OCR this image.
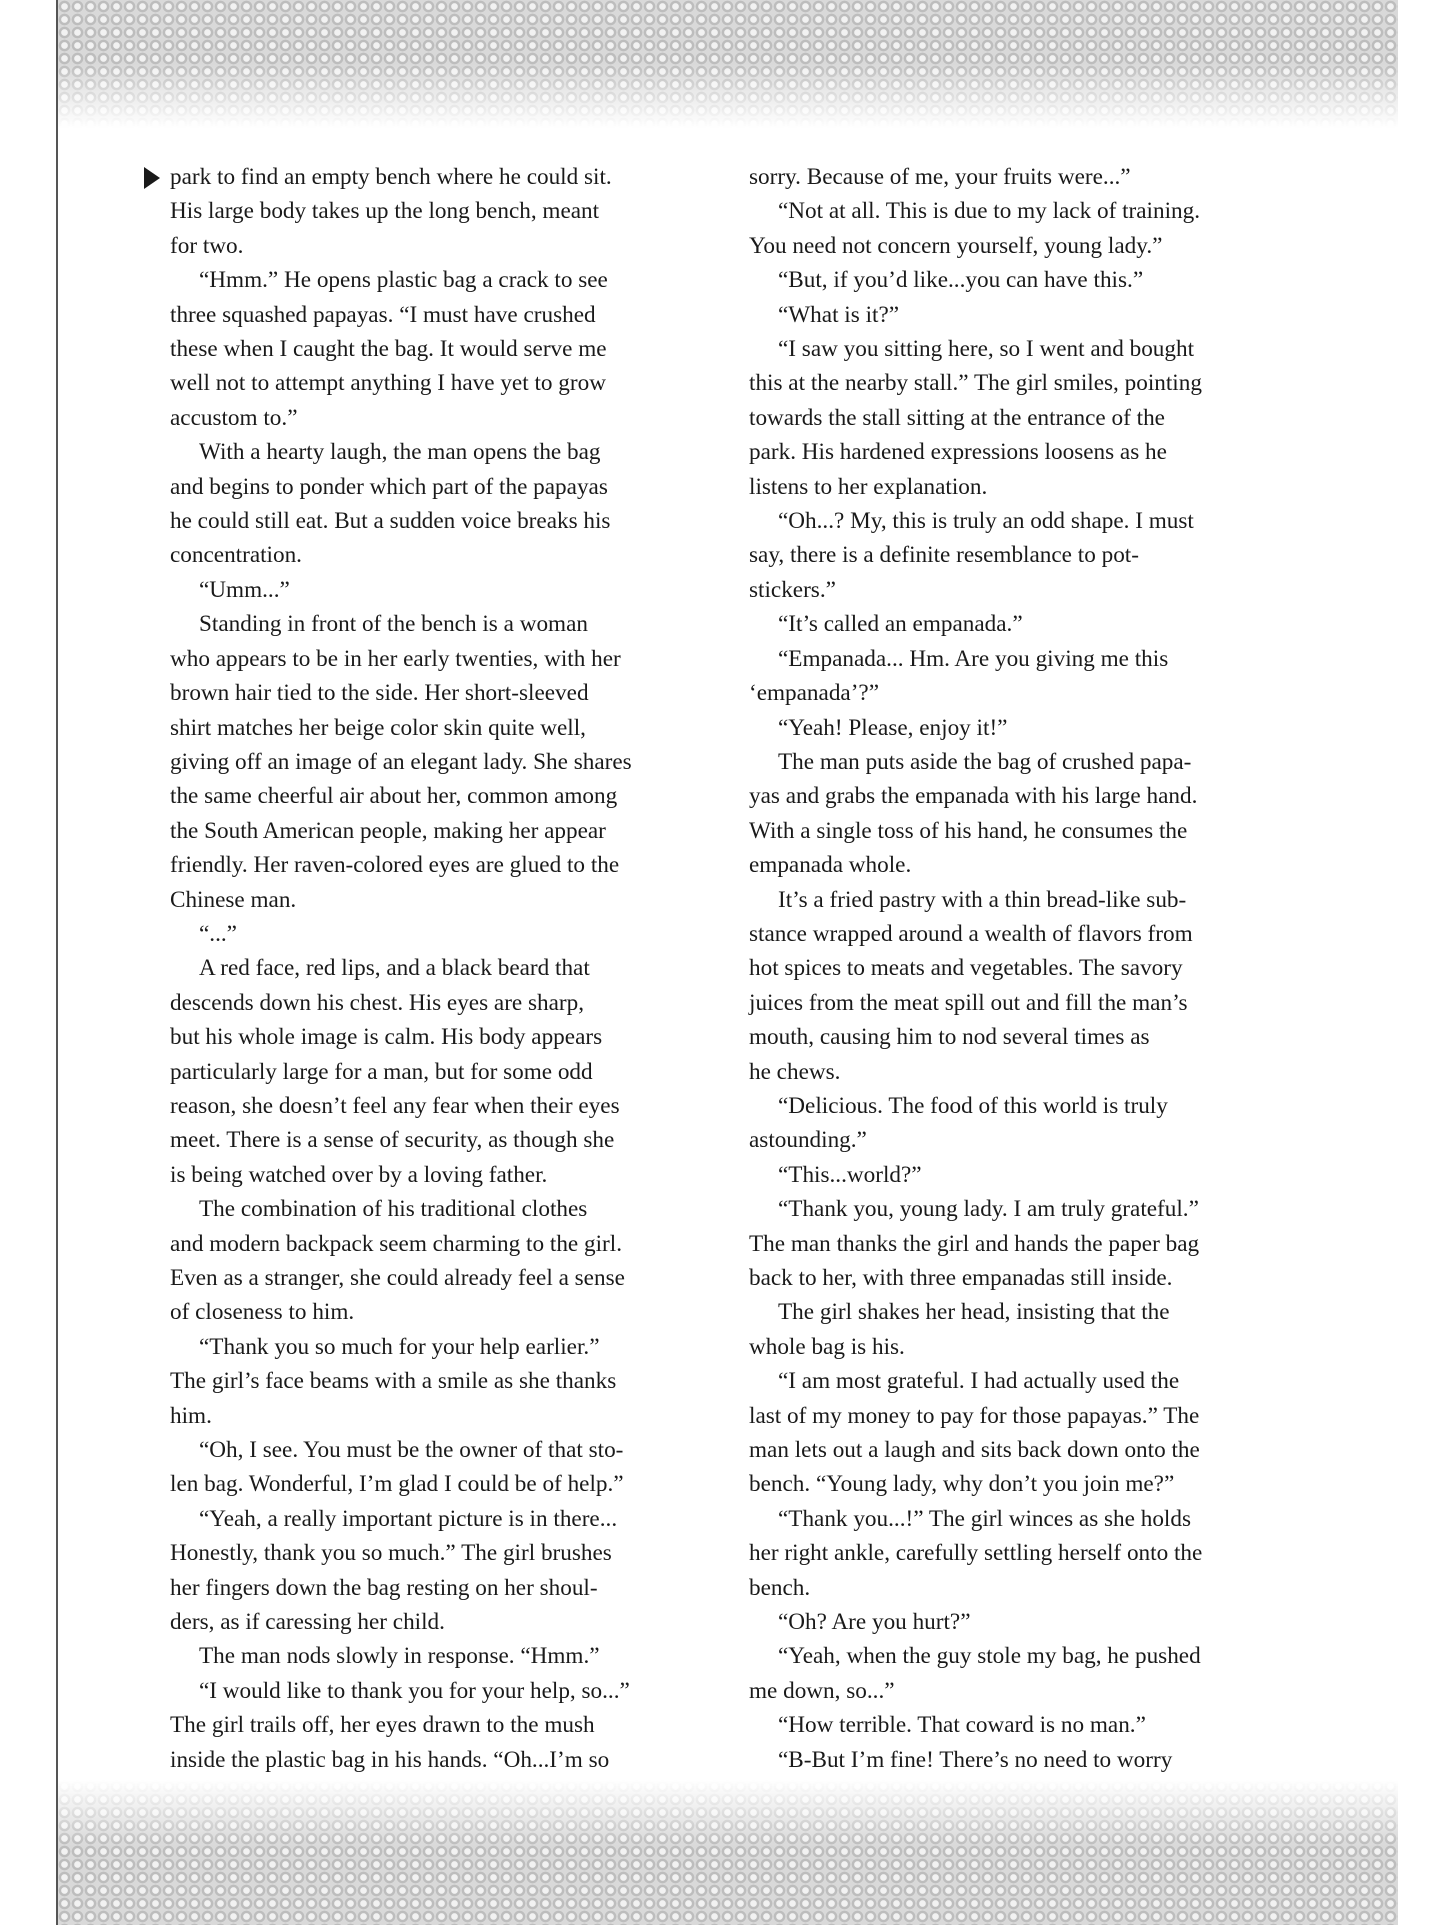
park to find an empty bench where he could sit.

His large body takes up the long bench, meant

for two.

“Hmm.” He opens plastic bag a crack to see

three squashed papayas. “I must have crushed

these when I caught the bag. It would serve me

well not to attempt anything I have yet to grow

accustom to.”

With a hearty laugh, the man opens the bag

and begins to ponder which part of the papayas

he could still eat. But a sudden voice breaks his

concentration.

“Umm...”

Standing in front of the bench is a woman

who appears to be in her early twenties, with her

brown hair tied to the side. Her short-sleeved

shirt matches her beige color skin quite well,

giving off an image of an elegant lady. She shares

the same cheerful air about her, common among

the South American people, making her appear

friendly. Her raven-colored eyes are glued to the

Chinese man.

“...”

A red face, red lips, and a black beard that

descends down his chest. His eyes are sharp,

but his whole image is calm. His body appears

particularly large for a man, but for some odd

reason, she doesn’t feel any fear when their eyes

meet. There is a sense of security, as though she

is being watched over by a loving father.

The combination of his traditional clothes

and modern backpack seem charming to the girl.

Even as a stranger, she could already feel a sense

of closeness to him.

“Thank you so much for your help earlier.”

The girl’s face beams with a smile as she thanks

him.

“Oh, I see. You must be the owner of that sto-

len bag. Wonderful, I’m glad I could be of help.”

“Yeah, a really important picture is in there...

Honestly, thank you so much.” The girl brushes

her fingers down the bag resting on her shoul-

ders, as if caressing her child.

The man nods slowly in response. “Hmm.”

“I would like to thank you for your help, so...”

The girl trails off, her eyes drawn to the mush

inside the plastic bag in his hands. “Oh...I’m so

sorry. Because of me, your fruits were...”

“Not at all. This is due to my lack of training.

You need not concern yourself, young lady.”

“But, if you’d like...you can have this.”

“What is it?”

“I saw you sitting here, so I went and bought

this at the nearby stall.” The girl smiles, pointing

towards the stall sitting at the entrance of the

park. His hardened expressions loosens as he

listens to her explanation.

“Oh...? My, this is truly an odd shape. I must

say, there is a definite resemblance to pot-

stickers.”

“It’s called an empanada.”

“Empanada... Hm. Are you giving me this

‘empanada’?”

“Yeah! Please, enjoy it!”

The man puts aside the bag of crushed papa-

yas and grabs the empanada with his large hand.

With a single toss of his hand, he consumes the

empanada whole.

It’s a fried pastry with a thin bread-like sub-

stance wrapped around a wealth of flavors from

hot spices to meats and vegetables. The savory

juices from the meat spill out and fill the man’s

mouth, causing him to nod several times as

he chews.

“Delicious. The food of this world is truly

astounding.”

“This...world?”

“Thank you, young lady. I am truly grateful.”

The man thanks the girl and hands the paper bag

back to her, with three empanadas still inside.

The girl shakes her head, insisting that the

whole bag is his.

“I am most grateful. I had actually used the

last of my money to pay for those papayas.” The

man lets out a laugh and sits back down onto the

bench. “Young lady, why don’t you join me?”

“Thank you...!” The girl winces as she holds

her right ankle, carefully settling herself onto the

bench.

“Oh? Are you hurt?”

“Yeah, when the guy stole my bag, he pushed

me down, so...”

“How terrible. That coward is no man.”

“B-But I’m fine! There’s no need to worry
